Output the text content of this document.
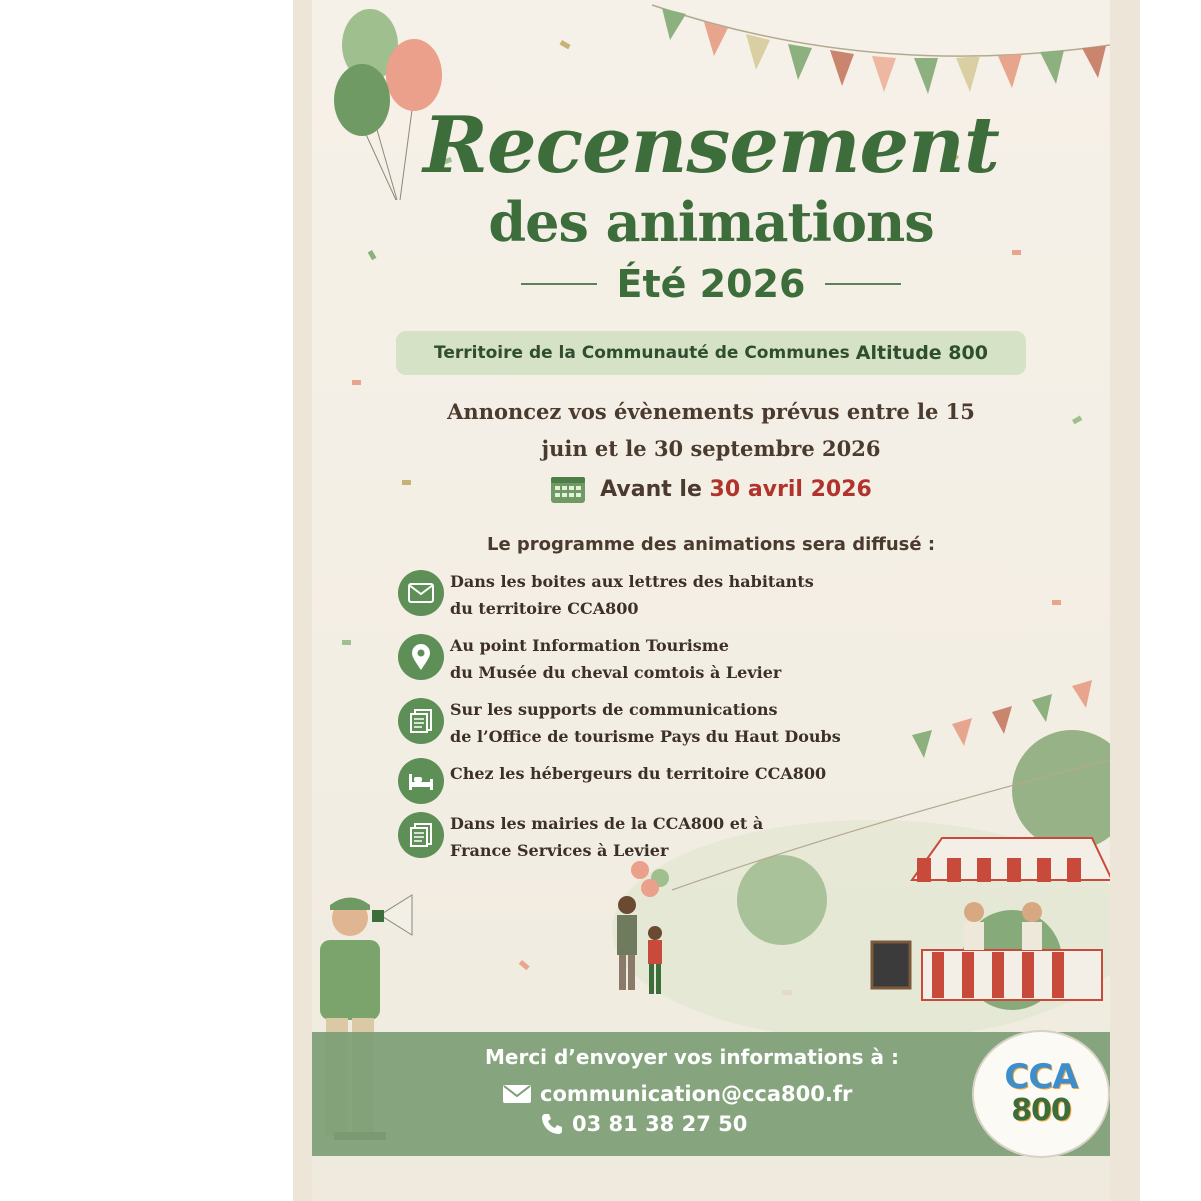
Recensement
des animations
Été 2026
Territoire de la Communauté de Communes Altitude 800
Annoncez vos évènements prévus entre le 15
juin et le 30 septembre 2026
Avant le 30 avril 2026
Le programme des animations sera diffusé :
Dans les boites aux lettres des habitants
du territoire CCA800
Au point Information Tourisme
du Musée du cheval comtois à Levier
Sur les supports de communications
de l’Office de tourisme Pays du Haut Doubs
Chez les hébergeurs du territoire CCA800
Dans les mairies de la CCA800 et à
France Services à Levier
Merci d’envoyer vos informations à :
communication@cca800.fr
03 81 38 27 50
CCA
800
